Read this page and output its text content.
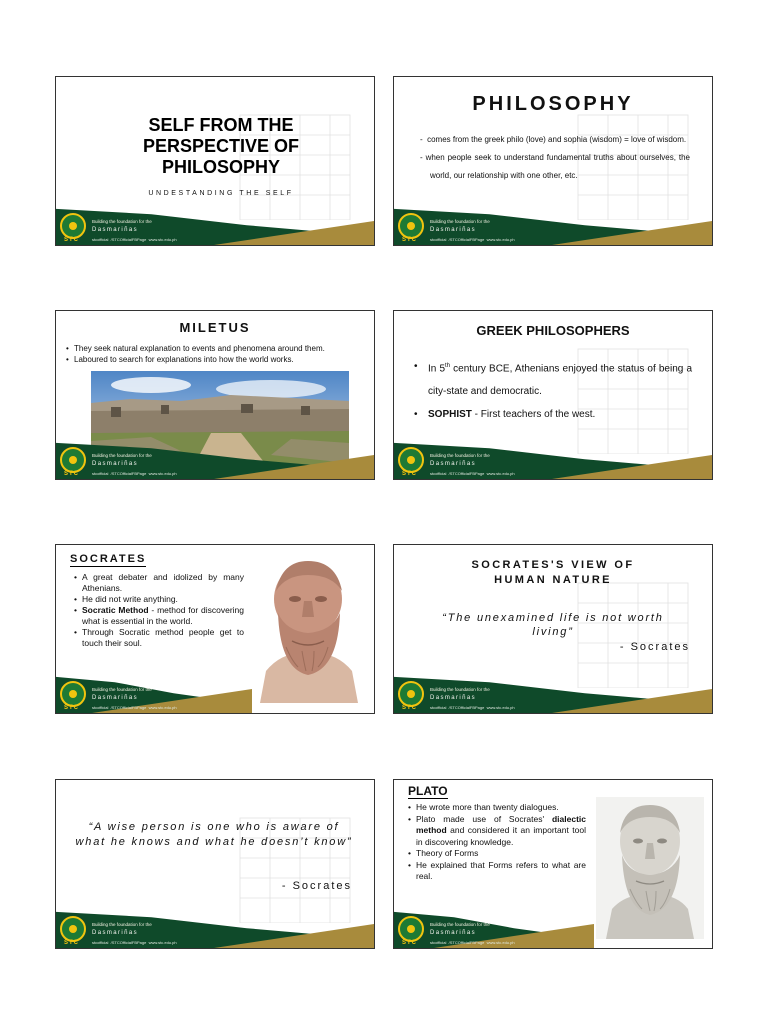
SELF FROM THE
PERSPECTIVE OF
PHILOSOPHY
UNDESTANDING THE SELF
Building the foundation for the
Dasmariñas
STC	stcofficial /STCOfficialFBPage www.stc.edu.ph
PHILOSOPHY
-  comes from the greek philo (love) and sophia (wisdom) = love of wisdom.
- when people seek to understand fundamental truths about ourselves, the world, our relationship with one other, etc.
Building the foundation for the
Dasmariñas
STC	stcofficial /STCOfficialFBPage www.stc.edu.ph
MILETUS
• They seek natural explanation to events and phenomena around them.
• Laboured to search for explanations into how the world works.
Building the foundation for the
Dasmariñas
STC	stcofficial /STCOfficialFBPage www.stc.edu.ph
GREEK PHILOSOPHERS
• In 5th century BCE, Athenians enjoyed the status of being a city-state and democratic.
• SOPHIST - First teachers of the west.
Building the foundation for the
Dasmariñas
STC	stcofficial /STCOfficialFBPage www.stc.edu.ph
SOCRATES
• A great debater and idolized by many Athenians.
• He did not write anything.
• Socratic Method - method for discovering what is essential in the world.
• Through Socratic method people get to touch their soul.
Building the foundation for the
Dasmariñas
STC	stcofficial /STCOfficialFBPage www.stc.edu.ph
SOCRATES'S VIEW OF
HUMAN NATURE
“The unexamined life is not worth living”
- Socrates
Building the foundation for the
Dasmariñas
STC	stcofficial /STCOfficialFBPage www.stc.edu.ph
“A wise person is one who is aware of what he knows and what he doesn’t know”
- Socrates
Building the foundation for the
Dasmariñas
STC	stcofficial /STCOfficialFBPage www.stc.edu.ph
PLATO
• He wrote more than twenty dialogues.
• Plato made use of Socrates' dialectic method and considered it an important tool in discovering knowledge.
• Theory of Forms
• He explained that Forms refers to what are real.
Building the foundation for the
Dasmariñas
STC	stcofficial /STCOfficialFBPage www.stc.edu.ph
